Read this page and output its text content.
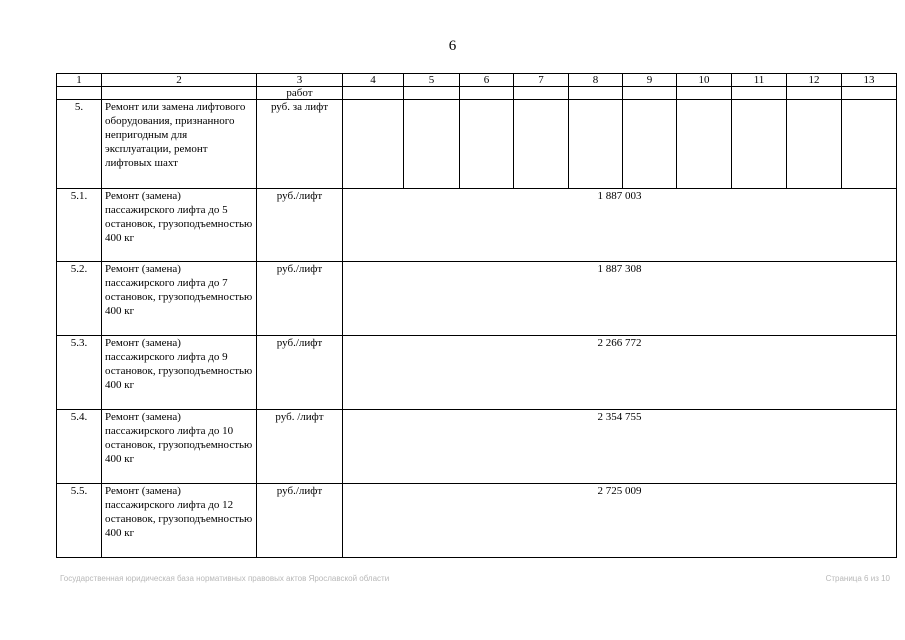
6
1	2	3	4	5	6	7	8	9	10	11	12	13
		работ										
5.	Ремонт или замена лифтового оборудования, признанного непригодным для эксплуатации, ремонт лифтовых шахт	руб. за лифт										
5.1.	Ремонт (замена) пассажирского лифта до 5 остановок, грузоподъемностью 400 кг	руб./лифт	1 887 003									
5.2.	Ремонт (замена) пассажирского лифта до 7 остановок, грузоподъемностью 400 кг	руб./лифт	1 887 308									
5.3.	Ремонт (замена) пассажирского лифта до 9 остановок, грузоподъемностью 400 кг	руб./лифт	2 266 772									
5.4.	Ремонт (замена) пассажирского лифта до 10 остановок, грузоподъемностью 400 кг	руб. /лифт	2 354 755									
5.5.	Ремонт (замена) пассажирского лифта до 12 остановок, грузоподъемностью 400 кг	руб./лифт	2 725 009									
Государственная юридическая база нормативных правовых актов Ярославской области	Страница 6 из 10
